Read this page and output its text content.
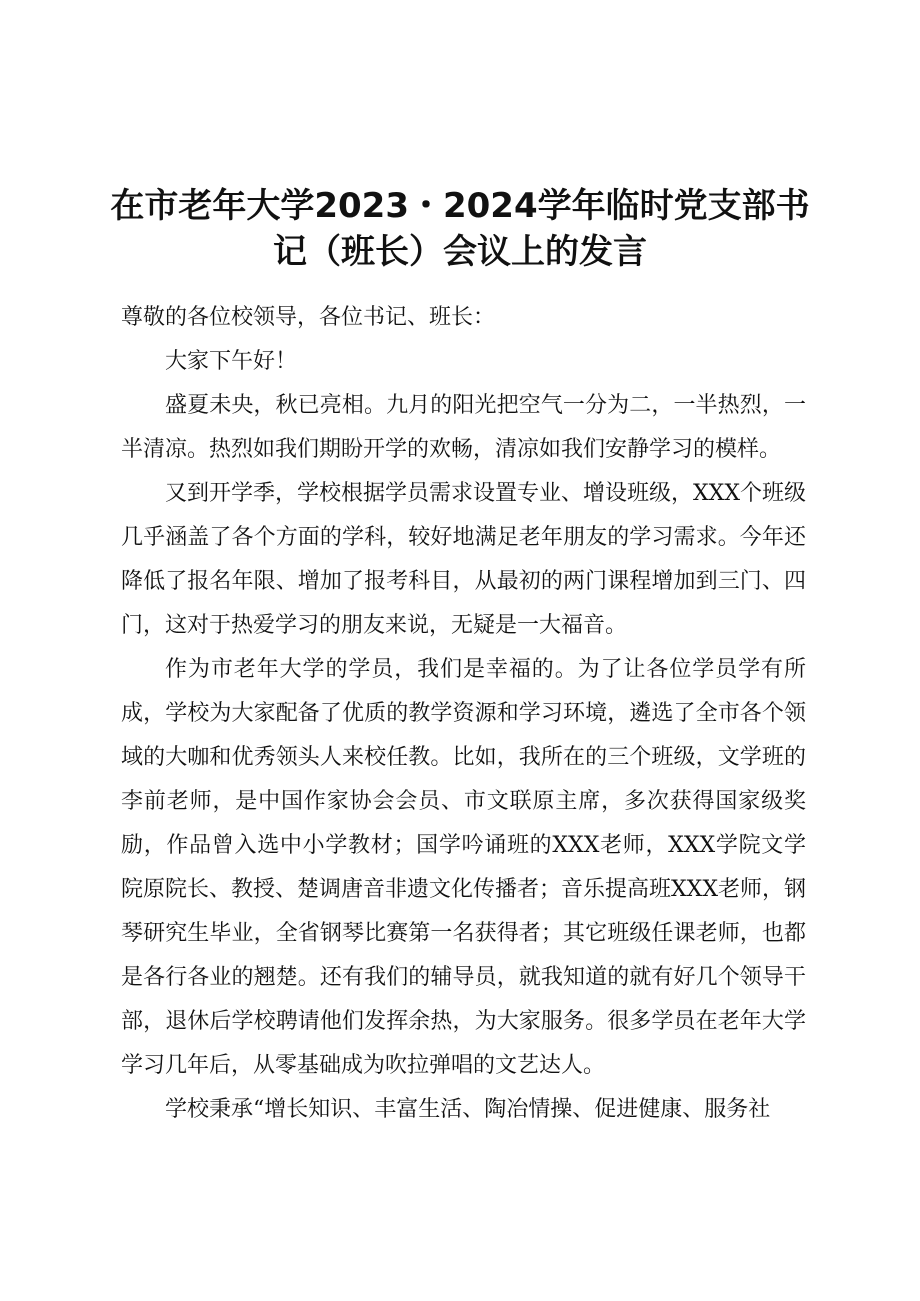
在市老年大学2023・2024学年临时党支部书
记（班长）会议上的发言

尊敬的各位校领导，各位书记、班长：

大家下午好！

盛夏未央，秋已亮相。九月的阳光把空气一分为二，一半热烈，一半清凉。热烈如我们期盼开学的欢畅，清凉如我们安静学习的模样。

又到开学季，学校根据学员需求设置专业、增设班级，XXX个班级几乎涵盖了各个方面的学科，较好地满足老年朋友的学习需求。今年还降低了报名年限、增加了报考科目，从最初的两门课程增加到三门、四门，这对于热爱学习的朋友来说，无疑是一大福音。

作为市老年大学的学员，我们是幸福的。为了让各位学员学有所成，学校为大家配备了优质的教学资源和学习环境，遴选了全市各个领域的大咖和优秀领头人来校任教。比如，我所在的三个班级，文学班的李前老师，是中国作家协会会员、市文联原主席，多次获得国家级奖励，作品曾入选中小学教材；国学吟诵班的XXX老师，XXX学院文学院原院长、教授、楚调唐音非遗文化传播者；音乐提高班XXX老师，钢琴研究生毕业，全省钢琴比赛第一名获得者；其它班级任课老师，也都是各行各业的翘楚。还有我们的辅导员，就我知道的就有好几个领导干部，退休后学校聘请他们发挥余热，为大家服务。很多学员在老年大学学习几年后，从零基础成为吹拉弹唱的文艺达人。

学校秉承“增长知识、丰富生活、陶冶情操、促进健康、服务社
